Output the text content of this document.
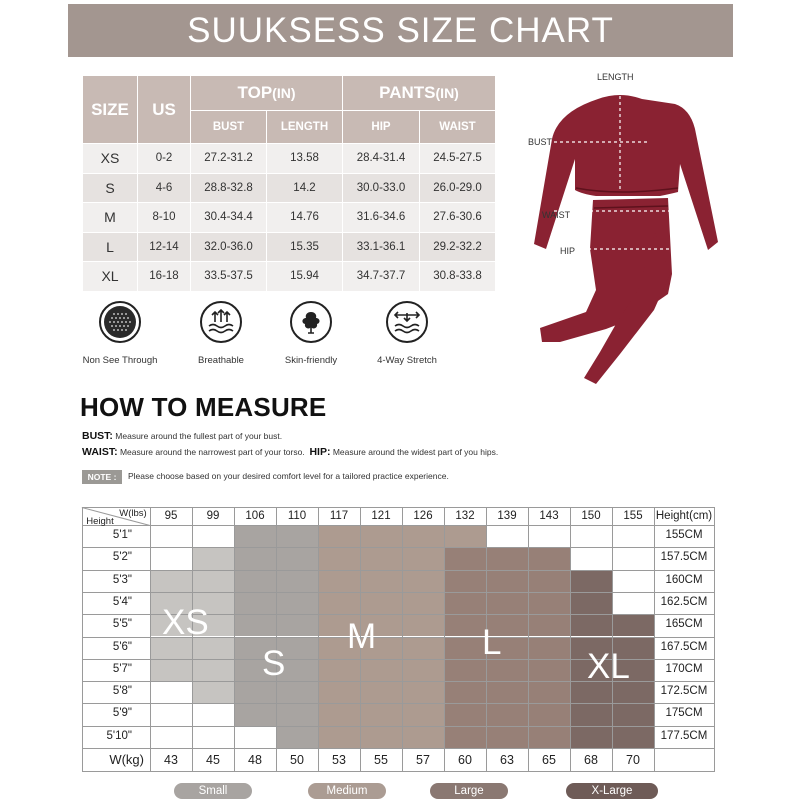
SUUKSESS SIZE CHART
SIZE	US	TOP(IN)		PANTS(IN)	
		BUST	LENGTH	HIP	WAIST
XS	0-2	27.2-31.2	13.58	28.4-31.4	24.5-27.5
S	4-6	28.8-32.8	14.2	30.0-33.0	26.0-29.0
M	8-10	30.4-34.4	14.76	31.6-34.6	27.6-30.6
L	12-14	32.0-36.0	15.35	33.1-36.1	29.2-32.2
XL	16-18	33.5-37.5	15.94	34.7-37.7	30.8-33.8
Non See Through	Breathable	Skin-friendly	4-Way Stretch
LENGTH
BUST
WAIST
HIP
HOW TO MEASURE
BUST: Measure around the fullest part of your bust.
WAIST: Measure around the narrowest part of your torso. HIP: Measure around the widest part of you hips.
NOTE :	Please choose based on your desired comfort level for a tailored practice experience.
W(lbs)
Height	95	99	106	110	117	121	126	132	139	143	150	155	Height(cm)
5'1"	155CM
5'2"	157.5CM
5'3"	160CM
5'4"	162.5CM
5'5"	165CM
5'6"	167.5CM
5'7"	170CM
5'8"	172.5CM
5'9"	175CM
5'10"	177.5CM
W(kg)	43	45	48	50	53	55	57	60	63	65	68	70
XS
S
M	L
XL
Small	Medium	Large	X-Large
